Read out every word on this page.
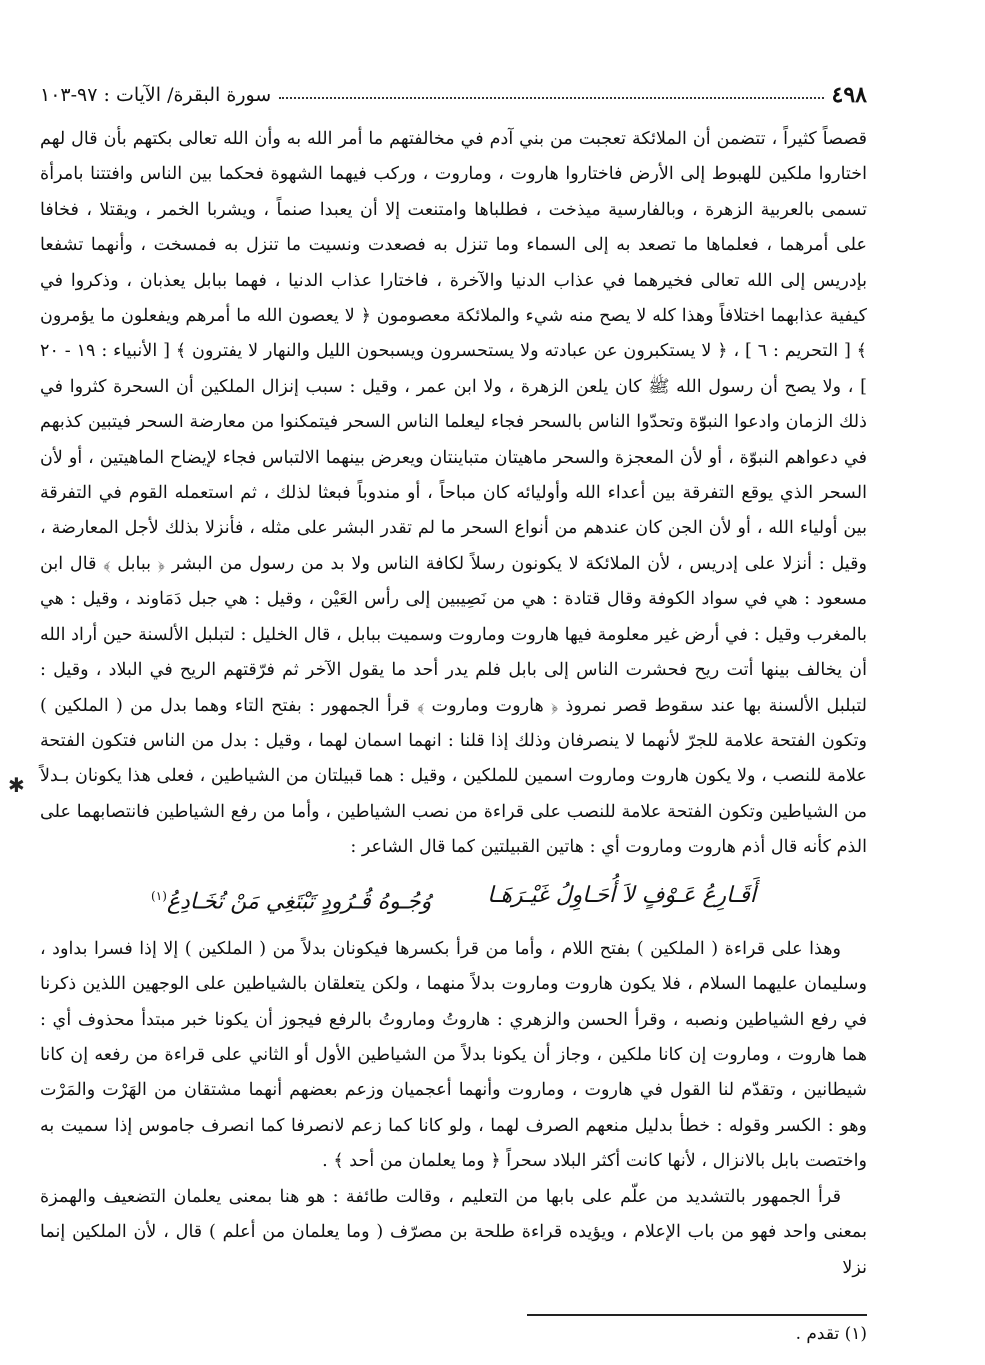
٤٩٨
سورة البقرة/ الآيات : ٩٧-١٠٣

قصصاً كثيراً ، تتضمن أن الملائكة تعجبت من بني آدم في مخالفتهم ما أمر الله به وأن الله تعالى بكتهم بأن قال لهم اختاروا ملكين للهبوط إلى الأرض فاختاروا هاروت ، وماروت ، وركب فيهما الشهوة فحكما بين الناس وافتتنا بامرأة تسمى بالعربية الزهرة ، وبالفارسية ميذخت ، فطلباها وامتنعت إلا أن يعبدا صنماً ، ويشربا الخمر ، ويقتلا ، فخافا على أمرهما ، فعلماها ما تصعد به إلى السماء وما تنزل به فصعدت ونسيت ما تنزل به فمسخت ، وأنهما تشفعا بإدريس إلى الله تعالى فخيرهما في عذاب الدنيا والآخرة ، فاختارا عذاب الدنيا ، فهما ببابل يعذبان ، وذكروا في كيفية عذابهما اختلافاً وهذا كله لا يصح منه شيء والملائكة معصومون ﴿ لا يعصون الله ما أمرهم ويفعلون ما يؤمرون ﴾ [ التحريم : ٦ ] ، ﴿ لا يستكبرون عن عبادته ولا يستحسرون ويسبحون الليل والنهار لا يفترون ﴾ [ الأنبياء : ١٩ - ٢٠ ] ، ولا يصح أن رسول الله ﷺ كان يلعن الزهرة ، ولا ابن عمر ، وقيل : سبب إنزال الملكين أن السحرة كثروا في ذلك الزمان وادعوا النبوّة وتحدّوا الناس بالسحر فجاء ليعلما الناس السحر فيتمكنوا من معارضة السحر فيتبين كذبهم في دعواهم النبوّة ، أو لأن المعجزة والسحر ماهيتان متباينتان ويعرض بينهما الالتباس فجاء لإيضاح الماهيتين ، أو لأن السحر الذي يوقع التفرقة بين أعداء الله وأوليائه كان مباحاً ، أو مندوباً فبعثا لذلك ، ثم استعمله القوم في التفرقة بين أولياء الله ، أو لأن الجن كان عندهم من أنواع السحر ما لم تقدر البشر على مثله ، فأنزلا بذلك لأجل المعارضة ، وقيل : أنزلا على إدريس ، لأن الملائكة لا يكونون رسلاً لكافة الناس ولا بد من رسول من البشر ﴿ ببابل ﴾ قال ابن مسعود : هي في سواد الكوفة وقال قتادة : هي من نَصِيبين إلى رأس العَيْن ، وقيل : هي جبل دَمَاوند ، وقيل : هي بالمغرب وقيل : في أرض غير معلومة فيها هاروت وماروت وسميت ببابل ، قال الخليل : لتبلبل الألسنة حين أراد الله أن يخالف بينها أتت ريح فحشرت الناس إلى بابل فلم يدر أحد ما يقول الآخر ثم فرّقتهم الريح في البلاد ، وقيل : لتبلبل الألسنة بها عند سقوط قصر نمروذ ﴿ هاروت وماروت ﴾ قرأ الجمهور : بفتح التاء وهما بدل من ( الملكين ) وتكون الفتحة علامة للجرّ لأنهما لا ينصرفان وذلك إذا قلنا : انهما اسمان لهما ، وقيل : بدل من الناس فتكون الفتحة علامة للنصب ، ولا يكون هاروت وماروت اسمين للملكين ، وقيل : هما قبيلتان من الشياطين ، فعلى هذا يكونان بـدلاً من الشياطين وتكون الفتحة علامة للنصب على قراءة من نصب الشياطين ، وأما من رفع الشياطين فانتصابهما على الذم كأنه قال أذم هاروت وماروت أي : هاتين القبيلتين كما قال الشاعر :

أَقَـارِعُ عَـوْفٍ لاَ أُحَـاوِلُ غَيْـرَهَـا
وُجُـوهُ قُـرُودٍ تَبْتَغِي مَنْ تُخَـادِعُ$^{(١)}$

وهذا على قراءة ( الملكين ) بفتح اللام ، وأما من قرأ بكسرها فيكونان بدلاً من ( الملكين ) إلا إذا فسرا بداود ، وسليمان عليهما السلام ، فلا يكون هاروت وماروت بدلاً منهما ، ولكن يتعلقان بالشياطين على الوجهين اللذين ذكرنا في رفع الشياطين ونصبه ، وقرأ الحسن والزهري : هاروتُ وماروتُ بالرفع فيجوز أن يكونا خبر مبتدأ محذوف أي : هما هاروت ، وماروت إن كانا ملكين ، وجاز أن يكونا بدلاً من الشياطين الأول أو الثاني على قراءة من رفعه إن كانا شيطانين ، وتقدّم لنا القول في هاروت ، وماروت وأنهما أعجميان وزعم بعضهم أنهما مشتقان من الهَرْت والمَرْت وهو : الكسر وقوله : خطأ بدليل منعهم الصرف لهما ، ولو كانا كما زعم لانصرفا كما انصرف جاموس إذا سميت به واختصت بابل بالانزال ، لأنها كانت أكثر البلاد سحراً ﴿ وما يعلمان من أحد ﴾ .

قرأ الجمهور بالتشديد من علّم على بابها من التعليم ، وقالت طائفة : هو هنا بمعنى يعلمان التضعيف والهمزة بمعنى واحد فهو من باب الإعلام ، ويؤيده قراءة طلحة بن مصرّف ( وما يعلمان من أعلم ) قال ، لأن الملكين إنما نزلا

(١) تقدم .
✱
